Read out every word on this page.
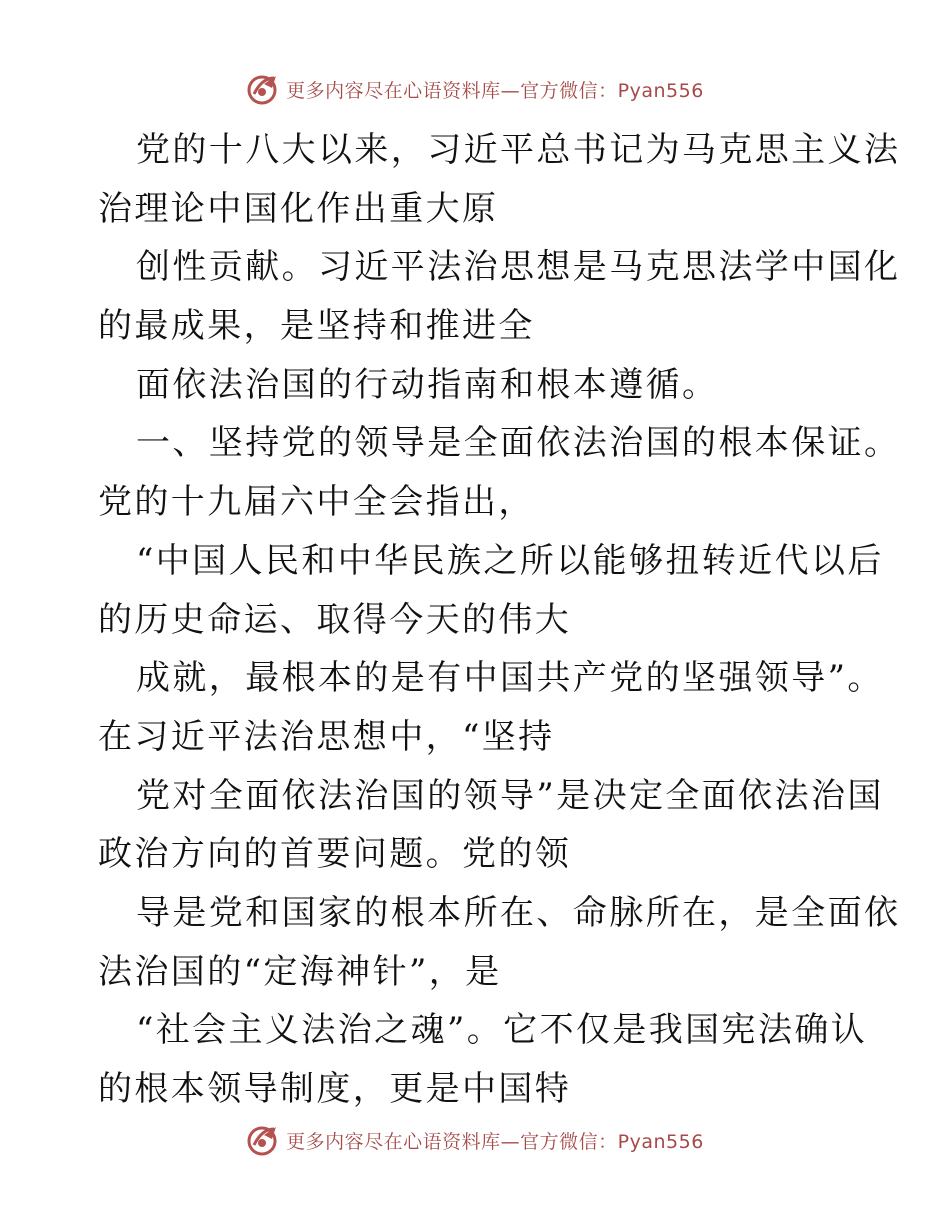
更多内容尽在心语资料库—官方微信：Pyan556
党的十八大以来，习近平总书记为马克思主义法
治理论中国化作出重大原
创性贡献。习近平法治思想是马克思法学中国化
的最成果，是坚持和推进全
面依法治国的行动指南和根本遵循。
一、坚持党的领导是全面依法治国的根本保证。
党的十九届六中全会指出，
“中国人民和中华民族之所以能够扭转近代以后
的历史命运、取得今天的伟大
成就，最根本的是有中国共产党的坚强领导”。
在习近平法治思想中，“坚持
党对全面依法治国的领导”是决定全面依法治国
政治方向的首要问题。党的领
导是党和国家的根本所在、命脉所在，是全面依
法治国的“定海神针”，是
“社会主义法治之魂”。它不仅是我国宪法确认
的根本领导制度，更是中国特
更多内容尽在心语资料库—官方微信：Pyan556
